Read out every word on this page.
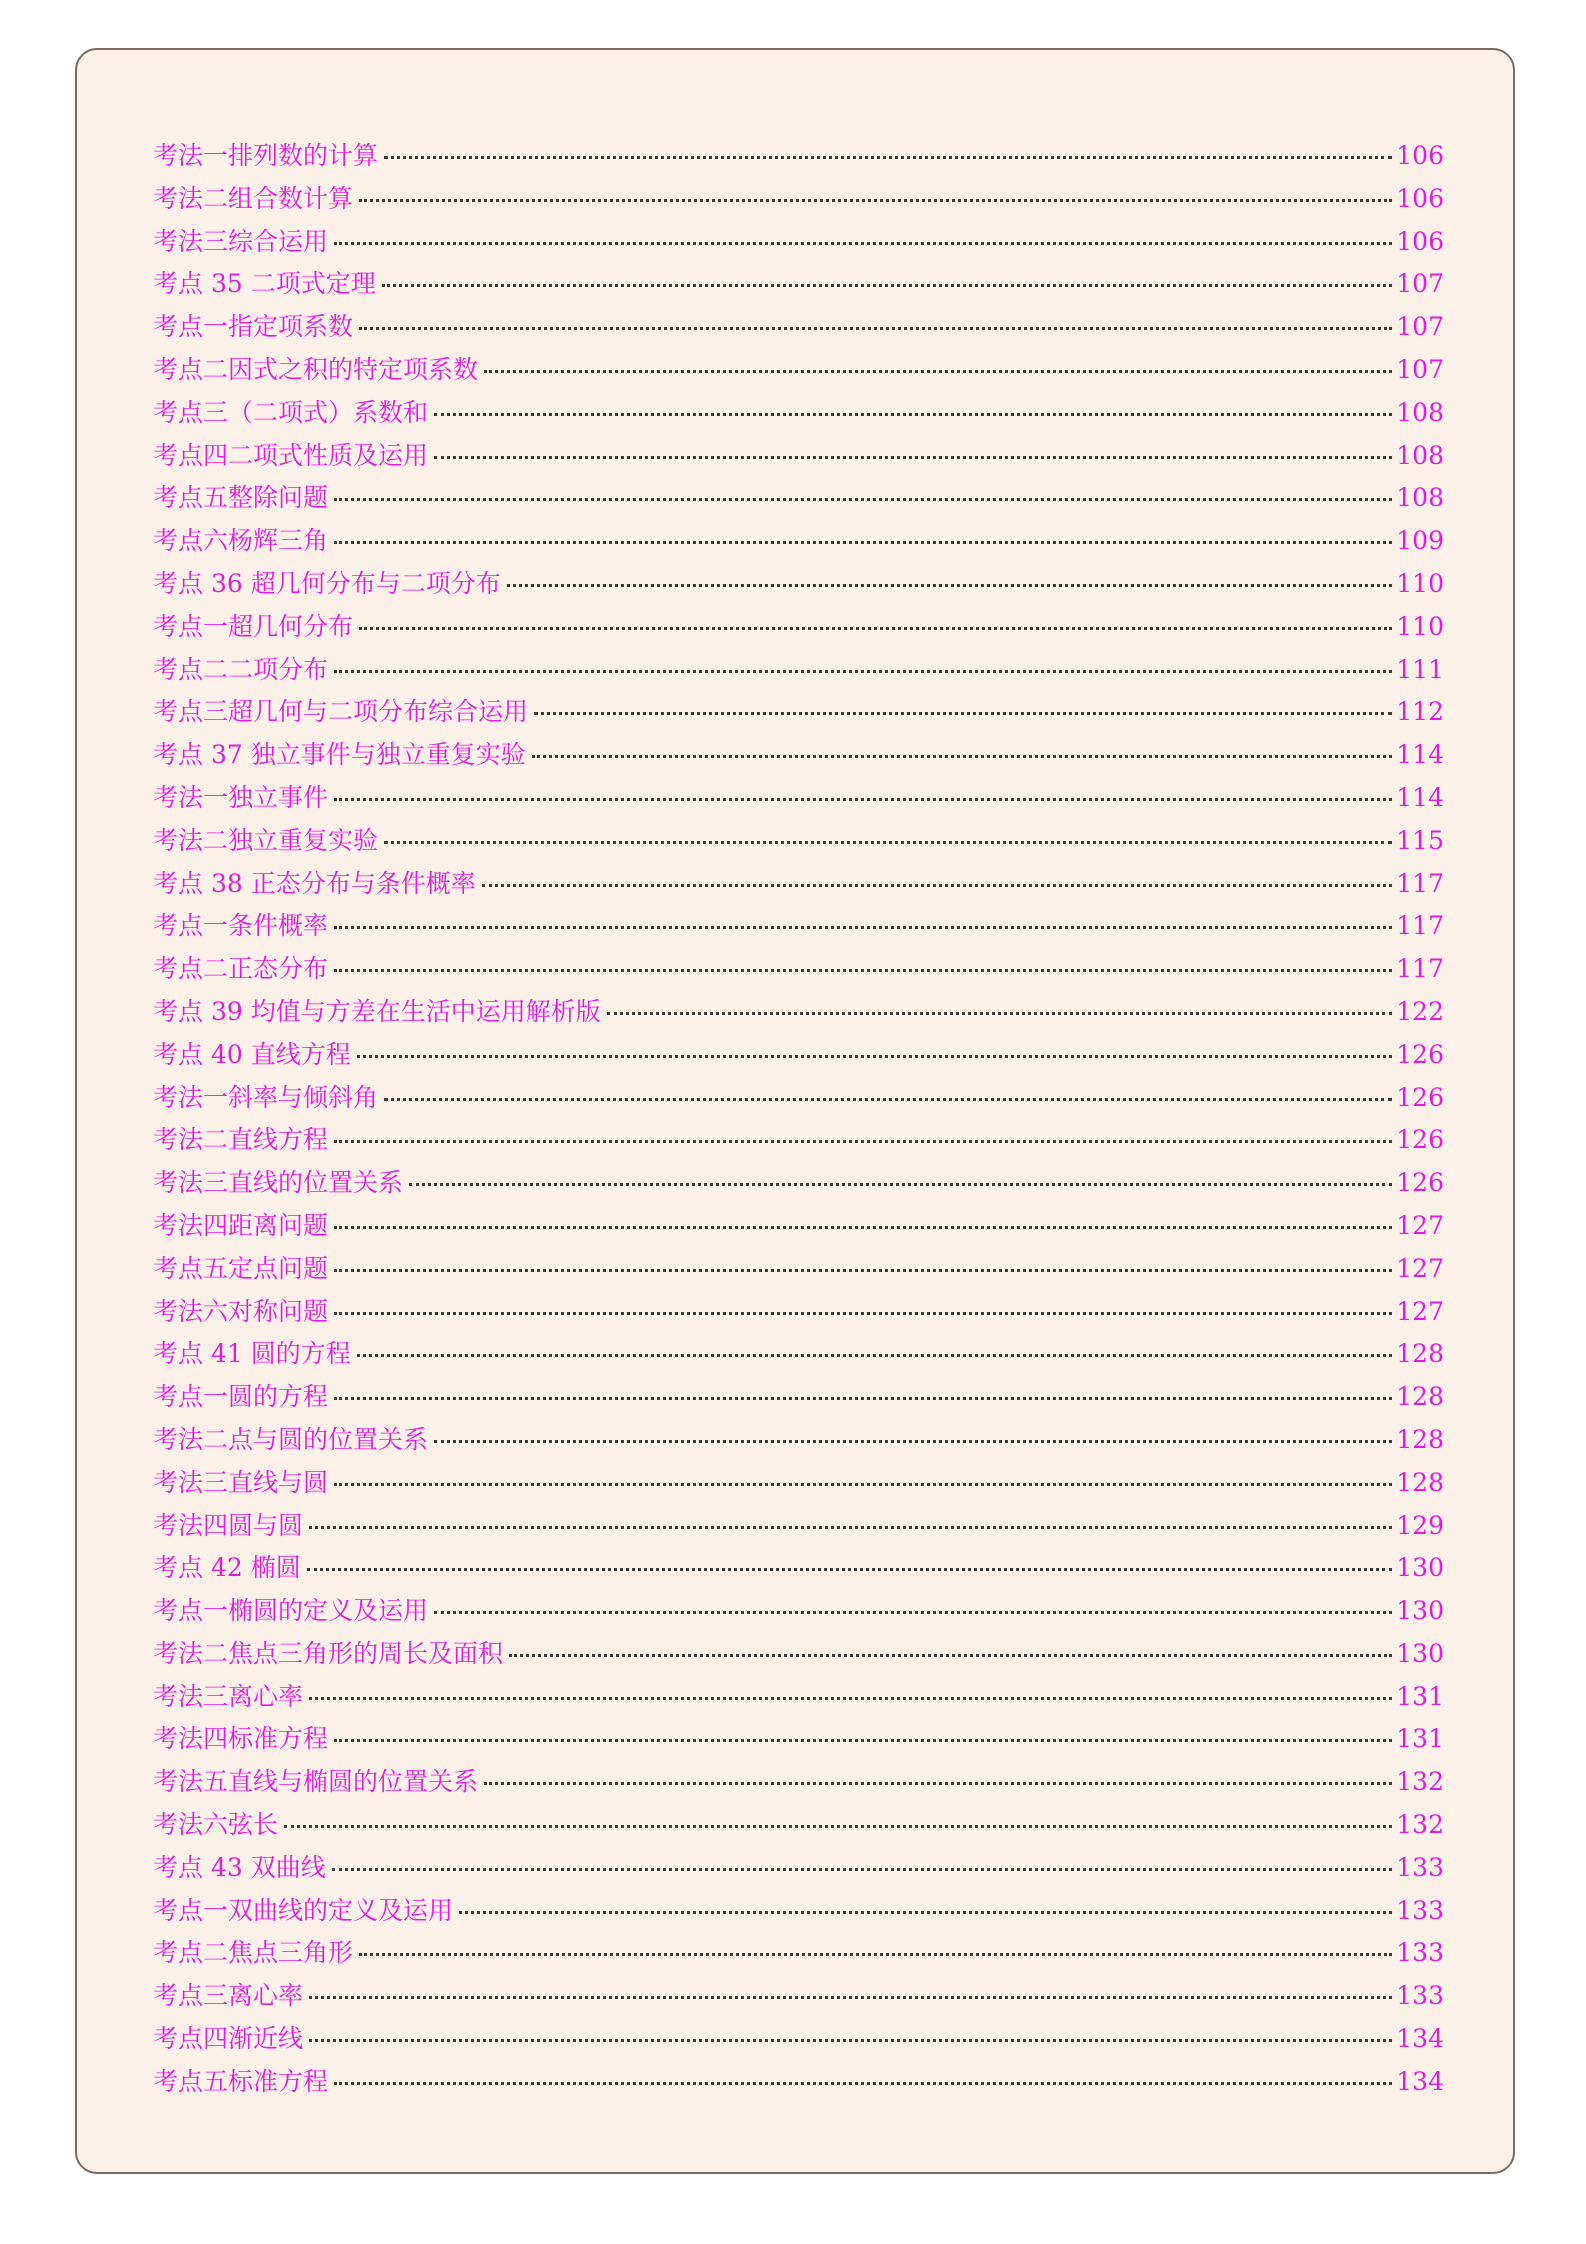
考法一排列数的计算	106
考法二组合数计算	106
考法三综合运用	106
考点 35 二项式定理	107
考点一指定项系数	107
考点二因式之积的特定项系数	107
考点三（二项式）系数和	108
考点四二项式性质及运用	108
考点五整除问题	108
考点六杨辉三角	109
考点 36 超几何分布与二项分布	110
考点一超几何分布	110
考点二二项分布	111
考点三超几何与二项分布综合运用	112
考点 37 独立事件与独立重复实验	114
考法一独立事件	114
考法二独立重复实验	115
考点 38 正态分布与条件概率	117
考点一条件概率	117
考点二正态分布	117
考点 39 均值与方差在生活中运用解析版	122
考点 40 直线方程	126
考法一斜率与倾斜角	126
考法二直线方程	126
考法三直线的位置关系	126
考法四距离问题	127
考点五定点问题	127
考法六对称问题	127
考点 41 圆的方程	128
考点一圆的方程	128
考法二点与圆的位置关系	128
考法三直线与圆	128
考法四圆与圆	129
考点 42 椭圆	130
考点一椭圆的定义及运用	130
考法二焦点三角形的周长及面积	130
考法三离心率	131
考法四标准方程	131
考法五直线与椭圆的位置关系	132
考法六弦长	132
考点 43 双曲线	133
考点一双曲线的定义及运用	133
考点二焦点三角形	133
考点三离心率	133
考点四渐近线	134
考点五标准方程	134
